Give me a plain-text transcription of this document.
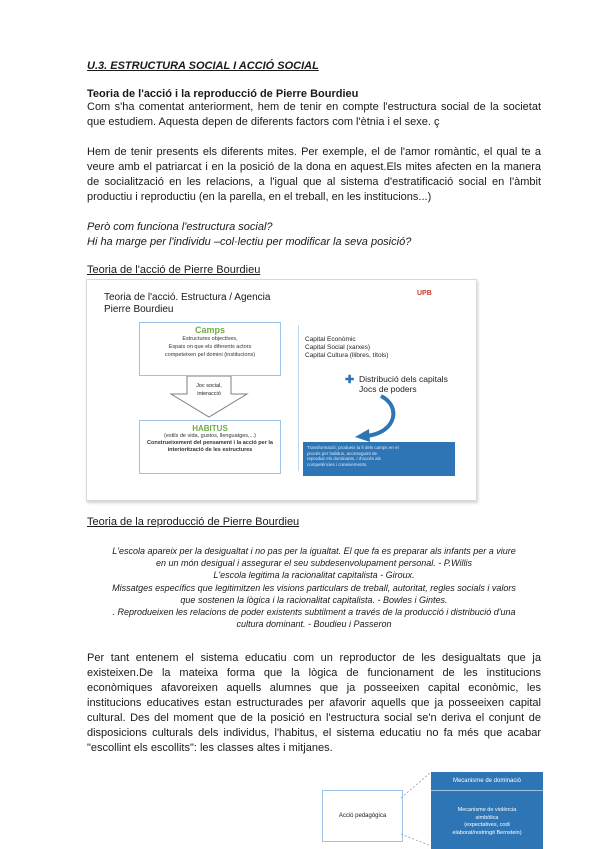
U.3. ESTRUCTURA SOCIAL I ACCIÓ SOCIAL
Teoria de l'acció i la reproducció de Pierre Bourdieu
Com s'ha comentat anteriorment, hem de tenir en compte l'estructura social de la societat que estudiem. Aquesta depen de diferents factors com l'ètnia i el sexe. ç
Hem de tenir presents els diferents mites. Per exemple, el de l'amor romàntic, el qual te a veure amb el patriarcat i en la posició de la dona en aquest.Els mites afecten en la manera de socialització en les relacions, a l'igual que al sistema d'estratificació social en l'àmbit productiu i reproductiu (en la parella, en el treball, en les institucions...)
Però com funciona l'estructura social?
Hi ha marge per l'individu –col·lectiu per modificar la seva posició?
Teoria de l'acció de Pierre Bourdieu
Teoria de l'acció. Estructura / Agencia
Pierre Bourdieu
UPB
Camps
Estructures objectives,
Espais on que els diferents actors
competeixen pel domini (institucions)
Joc social,
interacció
HABITUS
(estils de vida, gustos, llenguatges,...)
Construeixement del pensament i la acció per la
interiorització de les estructures
Capital Econòmic
Capital Social (xarxes)
Capital Cultura (llibres, títols)
✚ Distribució dels capitals
Jocs de poders
Transformació; produeix la fi dels camps en el
procés per habitus, aconseguint de
reproduir els dominants, i d'accés als
competències i coneixements.
Teoria de la reproducció de Pierre Bourdieu
L'escola apareix per la desigualtat i no pas per la igualtat. El que fa es preparar als infants per a viure
en un món desigual i assegurar el seu subdesenvolupament personal. - P.Willis
L'escola legitima la racionalitat capitalista - Giroux.
Missatges específics que legitimitzen les visions particulars de treball, autoritat, regles socials i valors
que sostenen la lògica i la racionalitat capitalista. - Bowles i Gintes.
. Reprodueixen les relacions de poder existents subtilment a través de la producció i distribució d'una
cultura dominant. - Boudieu i Passeron
Per tant entenem el sistema educatiu com un reproductor de les desigualtats que ja existeixen.De la mateixa forma que la lògica de funcionament de les institucions econòmiques afavoreixen aquells alumnes que ja posseeixen capital econòmic, les institucions educatives estan estructurades per afavorir aquells que ja posseeixen capital cultural. Des del moment que de la posició en l'estructura social se'n deriva el conjunt de disposicions culturals dels individus, l'habitus, el sistema educatiu no fa més que acabar "escollint els escollits": les classes altes i mitjanes.
Acció pedagògica
Mecanisme de dominació
Mecanisme de violència
simbòlica
(expectatives, codi
elaborat/restringit Bernstein)
